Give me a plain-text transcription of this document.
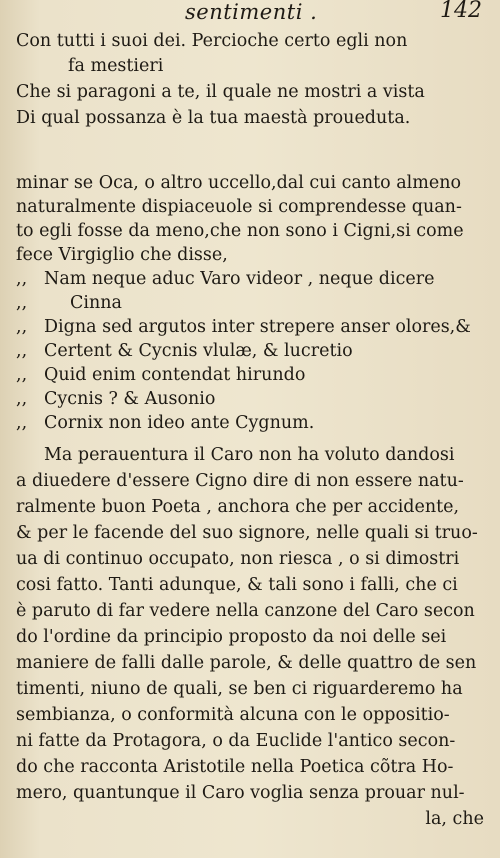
sentimenti .	142
Con tutti i suoi dei. Percioche certo egli non
fa mestieri
Che si paragoni a te, il quale ne mostri a vista
Di qual possanza è la tua maestà proueduta.
minar se Oca, o altro uccello,dal cui canto almeno
naturalmente dispiaceuole si comprendesse quan-
to egli fosse da meno,che non sono i Cigni,si come
fece Virgiglio che disse,
,, Nam neque aduc Varo videor , neque dicere
,, Cinna
,, Digna sed argutos inter strepere anser olores,&
,, Certent & Cycnis vlulæ, & lucretio
,, Quid enim contendat hirundo
,, Cycnis ? & Ausonio
,, Cornix non ideo ante Cygnum.
Ma perauentura il Caro non ha voluto dandosi
a diuedere d'essere Cigno dire di non essere natu-
ralmente buon Poeta , anchora che per accidente,
& per le facende del suo signore, nelle quali si truo-
ua di continuo occupato, non riesca , o si dimostri
cosi fatto. Tanti adunque, & tali sono i falli, che ci
è paruto di far vedere nella canzone del Caro secon
do l'ordine da principio proposto da noi delle sei
maniere de falli dalle parole, & delle quattro de sen
timenti, niuno de quali, se ben ci riguarderemo ha
sembianza, o conformità alcuna con le oppositio-
ni fatte da Protagora, o da Euclide l'antico secon-
do che racconta Aristotile nella Poetica cõtra Ho-
mero, quantunque il Caro voglia senza prouar nul-
la, che
